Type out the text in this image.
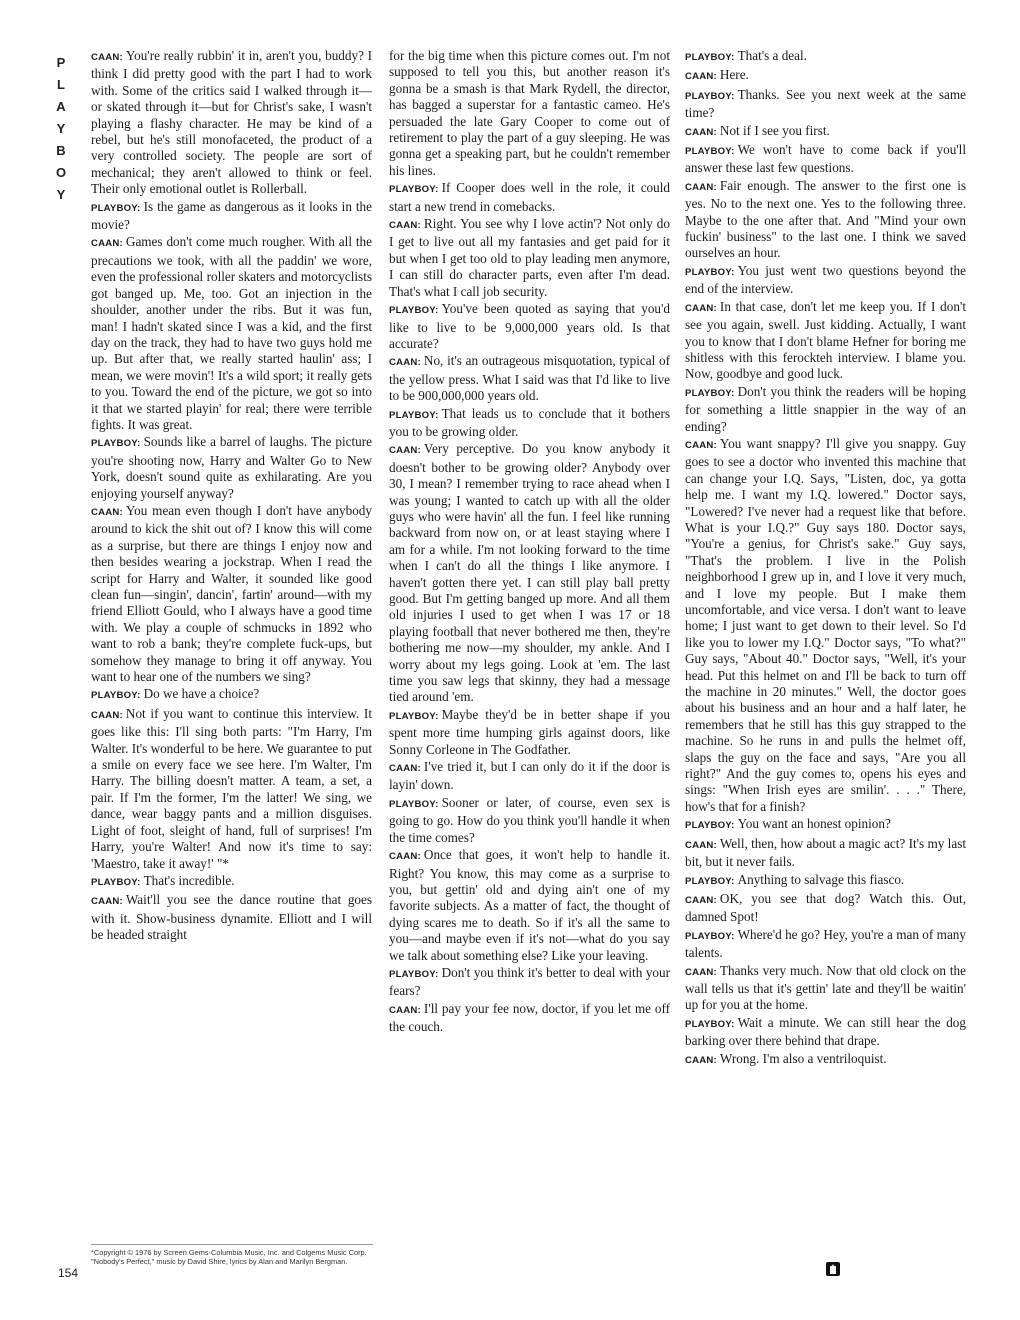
P
L
A
Y
B
O
Y

CAAN: You're really rubbin' it in, aren't you, buddy? I think I did pretty good with the part I had to work with. Some of the critics said I walked through it—or skated through it—but for Christ's sake, I wasn't playing a flashy character. He may be kind of a rebel, but he's still monofaceted, the product of a very controlled society. The people are sort of mechanical; they aren't allowed to think or feel. Their only emotional outlet is Rollerball.

PLAYBOY: Is the game as dangerous as it looks in the movie?

CAAN: Games don't come much rougher. With all the precautions we took, with all the paddin' we wore, even the professional roller skaters and motorcyclists got banged up. Me, too. Got an injection in the shoulder, another under the ribs. But it was fun, man! I hadn't skated since I was a kid, and the first day on the track, they had to have two guys hold me up. But after that, we really started haulin' ass; I mean, we were movin'! It's a wild sport; it really gets to you. Toward the end of the picture, we got so into it that we started playin' for real; there were terrible fights. It was great.

PLAYBOY: Sounds like a barrel of laughs. The picture you're shooting now, Harry and Walter Go to New York, doesn't sound quite as exhilarating. Are you enjoying yourself anyway?

CAAN: You mean even though I don't have anybody around to kick the shit out of? I know this will come as a surprise, but there are things I enjoy now and then besides wearing a jockstrap. When I read the script for Harry and Walter, it sounded like good clean fun—singin', dancin', fartin' around—with my friend Elliott Gould, who I always have a good time with. We play a couple of schmucks in 1892 who want to rob a bank; they're complete fuck-ups, but somehow they manage to bring it off anyway. You want to hear one of the numbers we sing?

PLAYBOY: Do we have a choice?

CAAN: Not if you want to continue this interview. It goes like this: I'll sing both parts: "I'm Harry, I'm Walter. It's wonderful to be here. We guarantee to put a smile on every face we see here. I'm Walter, I'm Harry. The billing doesn't matter. A team, a set, a pair. If I'm the former, I'm the latter! We sing, we dance, wear baggy pants and a million disguises. Light of foot, sleight of hand, full of surprises! I'm Harry, you're Walter! And now it's time to say: 'Maestro, take it away!' "*

PLAYBOY: That's incredible.

CAAN: Wait'll you see the dance routine that goes with it. Show-business dynamite. Elliott and I will be headed straight

for the big time when this picture comes out. I'm not supposed to tell you this, but another reason it's gonna be a smash is that Mark Rydell, the director, has bagged a superstar for a fantastic cameo. He's persuaded the late Gary Cooper to come out of retirement to play the part of a guy sleeping. He was gonna get a speaking part, but he couldn't remember his lines.

PLAYBOY: If Cooper does well in the role, it could start a new trend in comebacks.

CAAN: Right. You see why I love actin'? Not only do I get to live out all my fantasies and get paid for it but when I get too old to play leading men anymore, I can still do character parts, even after I'm dead. That's what I call job security.

PLAYBOY: You've been quoted as saying that you'd like to live to be 9,000,000 years old. Is that accurate?

CAAN: No, it's an outrageous misquotation, typical of the yellow press. What I said was that I'd like to live to be 900,000,000 years old.

PLAYBOY: That leads us to conclude that it bothers you to be growing older.

CAAN: Very perceptive. Do you know anybody it doesn't bother to be growing older? Anybody over 30, I mean? I remember trying to race ahead when I was young; I wanted to catch up with all the older guys who were havin' all the fun. I feel like running backward from now on, or at least staying where I am for a while. I'm not looking forward to the time when I can't do all the things I like anymore. I haven't gotten there yet. I can still play ball pretty good. But I'm getting banged up more. And all them old injuries I used to get when I was 17 or 18 playing football that never bothered me then, they're bothering me now—my shoulder, my ankle. And I worry about my legs going. Look at 'em. The last time you saw legs that skinny, they had a message tied around 'em.

PLAYBOY: Maybe they'd be in better shape if you spent more time humping girls against doors, like Sonny Corleone in The Godfather.

CAAN: I've tried it, but I can only do it if the door is layin' down.

PLAYBOY: Sooner or later, of course, even sex is going to go. How do you think you'll handle it when the time comes?

CAAN: Once that goes, it won't help to handle it. Right? You know, this may come as a surprise to you, but gettin' old and dying ain't one of my favorite subjects. As a matter of fact, the thought of dying scares me to death. So if it's all the same to you—and maybe even if it's not—what do you say we talk about something else? Like your leaving.

PLAYBOY: Don't you think it's better to deal with your fears?

CAAN: I'll pay your fee now, doctor, if you let me off the couch.

PLAYBOY: That's a deal.

CAAN: Here.

PLAYBOY: Thanks. See you next week at the same time?

CAAN: Not if I see you first.

PLAYBOY: We won't have to come back if you'll answer these last few questions.

CAAN: Fair enough. The answer to the first one is yes. No to the next one. Yes to the following three. Maybe to the one after that. And "Mind your own fuckin' business" to the last one. I think we saved ourselves an hour.

PLAYBOY: You just went two questions beyond the end of the interview.

CAAN: In that case, don't let me keep you. If I don't see you again, swell. Just kidding. Actually, I want you to know that I don't blame Hefner for boring me shitless with this ferockteh interview. I blame you. Now, goodbye and good luck.

PLAYBOY: Don't you think the readers will be hoping for something a little snappier in the way of an ending?

CAAN: You want snappy? I'll give you snappy. Guy goes to see a doctor who invented this machine that can change your I.Q. Says, "Listen, doc, ya gotta help me. I want my I.Q. lowered." Doctor says, "Lowered? I've never had a request like that before. What is your I.Q.?" Guy says 180. Doctor says, "You're a genius, for Christ's sake." Guy says, "That's the problem. I live in the Polish neighborhood I grew up in, and I love it very much, and I love my people. But I make them uncomfortable, and vice versa. I don't want to leave home; I just want to get down to their level. So I'd like you to lower my I.Q." Doctor says, "To what?" Guy says, "About 40." Doctor says, "Well, it's your head. Put this helmet on and I'll be back to turn off the machine in 20 minutes." Well, the doctor goes about his business and an hour and a half later, he remembers that he still has this guy strapped to the machine. So he runs in and pulls the helmet off, slaps the guy on the face and says, "Are you all right?" And the guy comes to, opens his eyes and sings: "When Irish eyes are smilin'. . . ." There, how's that for a finish?

PLAYBOY: You want an honest opinion?

CAAN: Well, then, how about a magic act? It's my last bit, but it never fails.

PLAYBOY: Anything to salvage this fiasco.

CAAN: OK, you see that dog? Watch this. Out, damned Spot!

PLAYBOY: Where'd he go? Hey, you're a man of many talents.

CAAN: Thanks very much. Now that old clock on the wall tells us that it's gettin' late and they'll be waitin' up for you at the home.

PLAYBOY: Wait a minute. We can still hear the dog barking over there behind that drape.

CAAN: Wrong. I'm also a ventriloquist.

*Copyright © 1976 by Screen Gems-Columbia Music, Inc. and Colgems Music Corp. "Nobody's Perfect," music by David Shire, lyrics by Alan and Marilyn Bergman.
154
